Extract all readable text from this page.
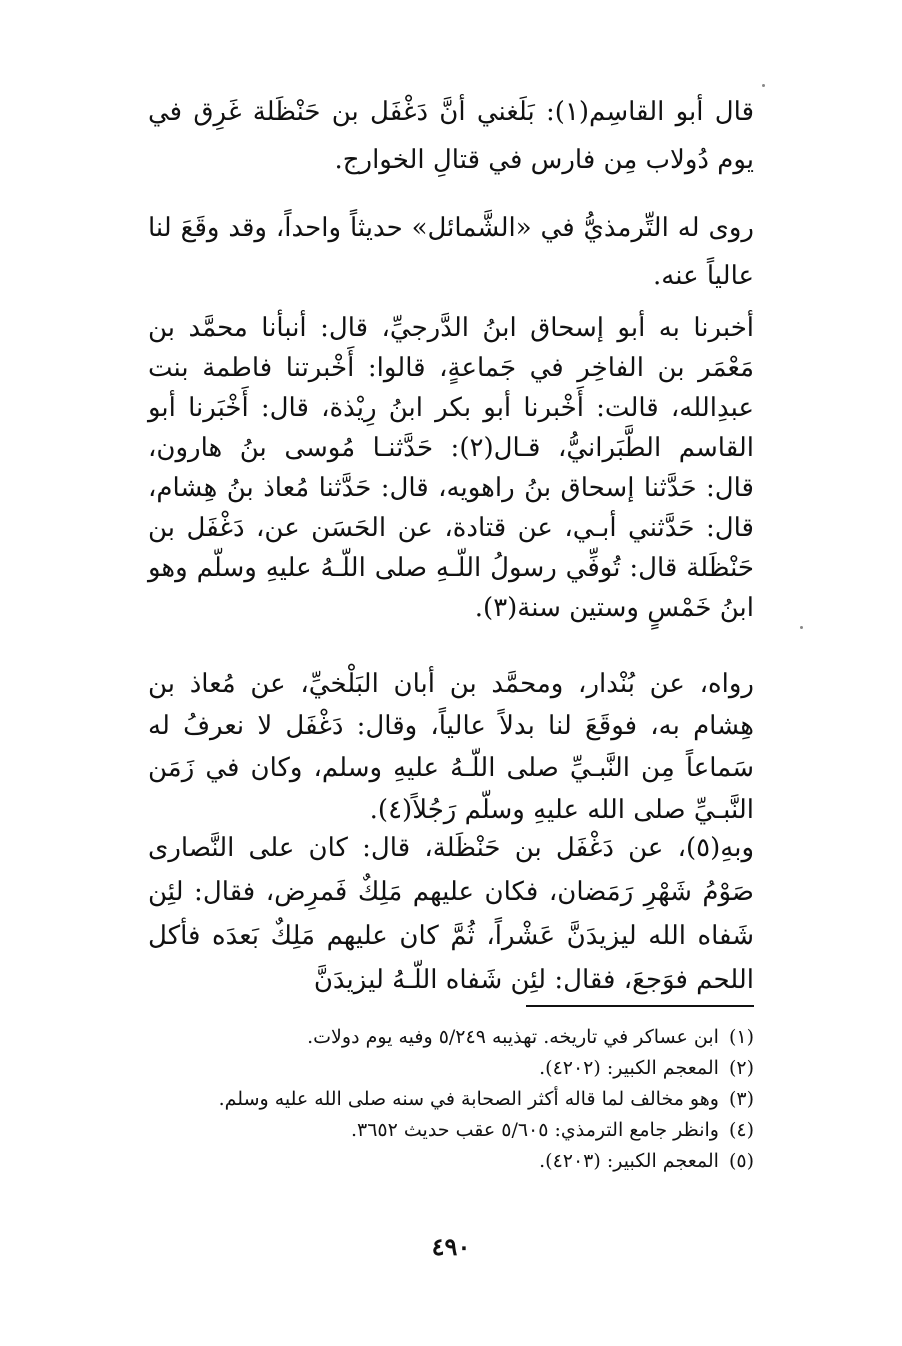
قال أبو القاسِم(١): بَلَغني أنَّ دَغْفَل بن حَنْظَلة غَرِق في يوم دُولاب مِن فارس في قتالِ الخوارج.

روى له التِّرمذيُّ في «الشَّمائل» حديثاً واحداً، وقد وقَعَ لنا عالياً عنه.

أخبرنا به أبو إسحاق ابنُ الدَّرجيِّ، قال: أنبأنا محمَّد بن مَعْمَر بن الفاخِر في جَماعةٍ، قالوا: أَخْبرتنا فاطمة بنت عبدِالله، قالت: أَخْبرنا أبو بكر ابنُ رِيْذة، قال: أَخْبَرنا أبو القاسم الطَّبَرانيُّ، قـال(٢): حَدَّثنـا مُوسى بنُ هارون، قال: حَدَّثنا إسحاق بنُ راهويه، قال: حَدَّثنا مُعاذ بنُ هِشام، قال: حَدَّثني أبـي، عن قتادة، عن الحَسَن عن، دَغْفَل بن حَنْظَلة قال: تُوفِّي رسولُ اللّـهِ صلى اللّـهُ عليهِ وسلّم وهو ابنُ خَمْسٍ وستين سنة(٣).

رواه، عن بُنْدار، ومحمَّد بن أبان البَلْخيِّ، عن مُعاذ بن هِشام به، فوقَعَ لنا بدلاً عالياً، وقال: دَغْفَل لا نعرفُ له سَماعاً مِن النَّبـيِّ صلى اللّـهُ عليهِ وسلم، وكان في زَمَن النَّبـيِّ صلى الله عليهِ وسلّم رَجُلاً(٤).

وبهِ(٥)، عن دَغْفَل بن حَنْظَلة، قال: كان على النَّصارى صَوْمُ شَهْرِ رَمَضان، فكان عليهم مَلِكٌ فَمرِض، فقال: لئِن شَفاه الله ليزيدَنَّ عَشْراً، ثُمَّ كان عليهم مَلِكٌ بَعدَه فأكل اللحم فوَجعَ، فقال: لئِن شَفاه اللّـهُ ليزيدَنَّ

(١)ابن عساكر في تاريخه. تهذيبه ٥/٢٤٩ وفيه يوم دولات.
(٢)المعجم الكبير: (٤٢٠٢).
(٣)وهو مخالف لما قاله أكثر الصحابة في سنه صلى الله عليه وسلم.
(٤)وانظر جامع الترمذي: ٥/٦٠٥ عقب حديث ٣٦٥٢.
(٥)المعجم الكبير: (٤٢٠٣).
٤٩٠
